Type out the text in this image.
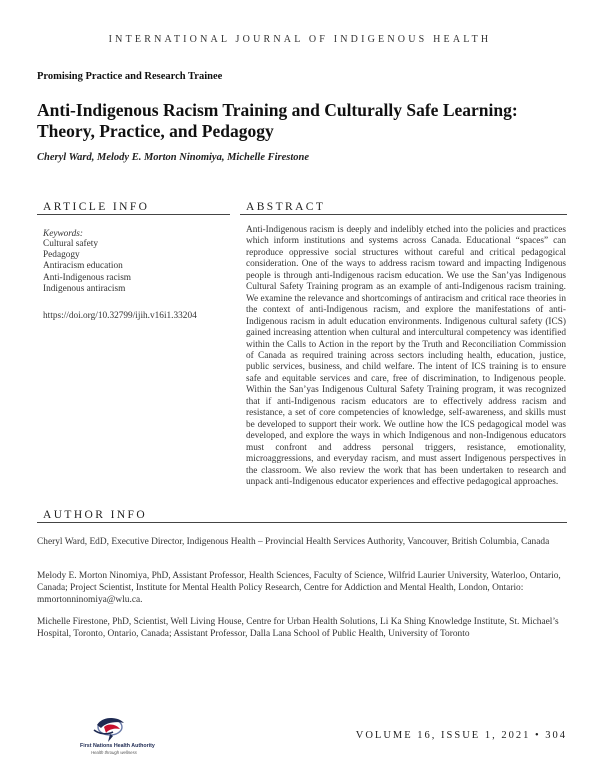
INTERNATIONAL JOURNAL OF INDIGENOUS HEALTH
Promising Practice and Research Trainee
Anti-Indigenous Racism Training and Culturally Safe Learning: Theory, Practice, and Pedagogy
Cheryl Ward, Melody E. Morton Ninomiya, Michelle Firestone
ARTICLE INFO
Keywords:
Cultural safety
Pedagogy
Antiracism education
Anti-Indigenous racism
Indigenous antiracism
https://doi.org/10.32799/ijih.v16i1.33204
ABSTRACT

Anti-Indigenous racism is deeply and indelibly etched into the policies and practices which inform institutions and systems across Canada. Educational “spaces” can reproduce oppressive social structures without careful and critical pedagogical consideration. One of the ways to address racism toward and impacting Indigenous people is through anti-Indigenous racism education. We use the San’yas Indigenous Cultural Safety Training program as an example of anti-Indigenous racism training. We examine the relevance and shortcomings of antiracism and critical race theories in the context of anti-Indigenous racism, and explore the manifestations of anti-Indigenous racism in adult education environments. Indigenous cultural safety (ICS) gained increasing attention when cultural and intercultural competency was identified within the Calls to Action in the report by the Truth and Reconciliation Commission of Canada as required training across sectors including health, education, justice, public services, business, and child welfare. The intent of ICS training is to ensure safe and equitable services and care, free of discrimination, to Indigenous people. Within the San’yas Indigenous Cultural Safety Training program, it was recognized that if anti-Indigenous racism educators are to effectively address racism and resistance, a set of core competencies of knowledge, self-awareness, and skills must be developed to support their work. We outline how the ICS pedagogical model was developed, and explore the ways in which Indigenous and non-Indigenous educators must confront and address personal triggers, resistance, emotionality, microaggressions, and everyday racism, and must assert Indigenous perspectives in the classroom. We also review the work that has been undertaken to research and unpack anti-Indigenous educator experiences and effective pedagogical approaches.

AUTHOR INFO

Cheryl Ward, EdD, Executive Director, Indigenous Health – Provincial Health Services Authority, Vancouver, British Columbia, Canada

Melody E. Morton Ninomiya, PhD, Assistant Professor, Health Sciences, Faculty of Science, Wilfrid Laurier University, Waterloo, Ontario, Canada; Project Scientist, Institute for Mental Health Policy Research, Centre for Addiction and Mental Health, London, Ontario: mmortonninomiya@wlu.ca.

Michelle Firestone, PhD, Scientist, Well Living House, Centre for Urban Health Solutions, Li Ka Shing Knowledge Institute, St. Michael’s Hospital, Toronto, Ontario, Canada; Assistant Professor, Dalla Lana School of Public Health, University of Toronto

First Nations Health Authority
Health through wellness
VOLUME 16, ISSUE 1, 2021 • 304
